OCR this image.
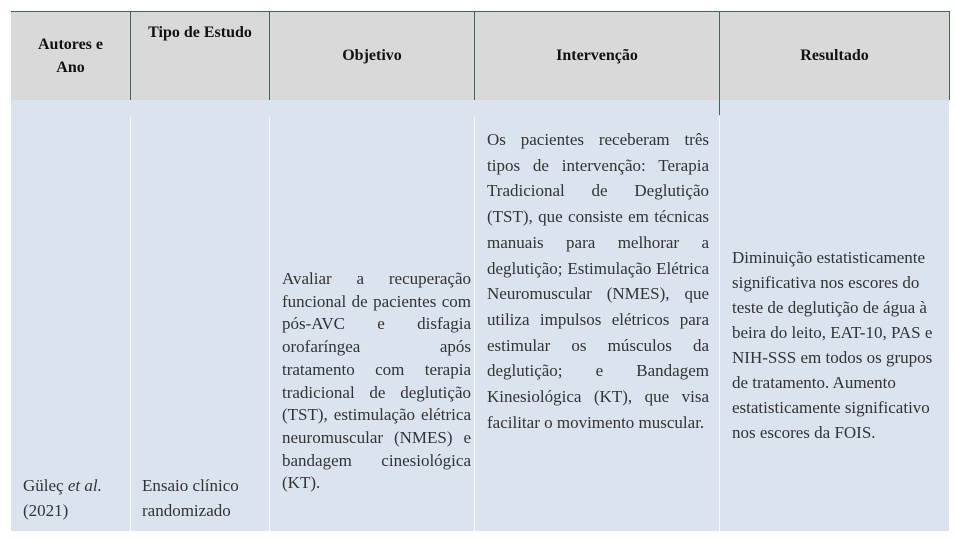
Autores e Ano
Tipo de Estudo
Objetivo	Intervenção	Resultado
Güleç et al.
(2021)
Ensaio clínico randomizado
Avaliar a recuperação funcional de pacientes com pós-AVC e disfagia orofaríngea após tratamento com terapia tradicional de deglutição (TST), estimulação elétrica neuromuscular (NMES) e bandagem cinesiológica (KT).
Os pacientes receberam três tipos de intervenção: Terapia Tradicional de Deglutição (TST), que consiste em técnicas manuais para melhorar a deglutição; Estimulação Elétrica Neuromuscular (NMES), que utiliza impulsos elétricos para estimular os músculos da deglutição; e Bandagem Kinesiológica (KT), que visa facilitar o movimento muscular.
Diminuição estatisticamente significativa nos escores do teste de deglutição de água à beira do leito, EAT-10, PAS e NIH-SSS em todos os grupos de tratamento. Aumento estatisticamente significativo nos escores da FOIS.
